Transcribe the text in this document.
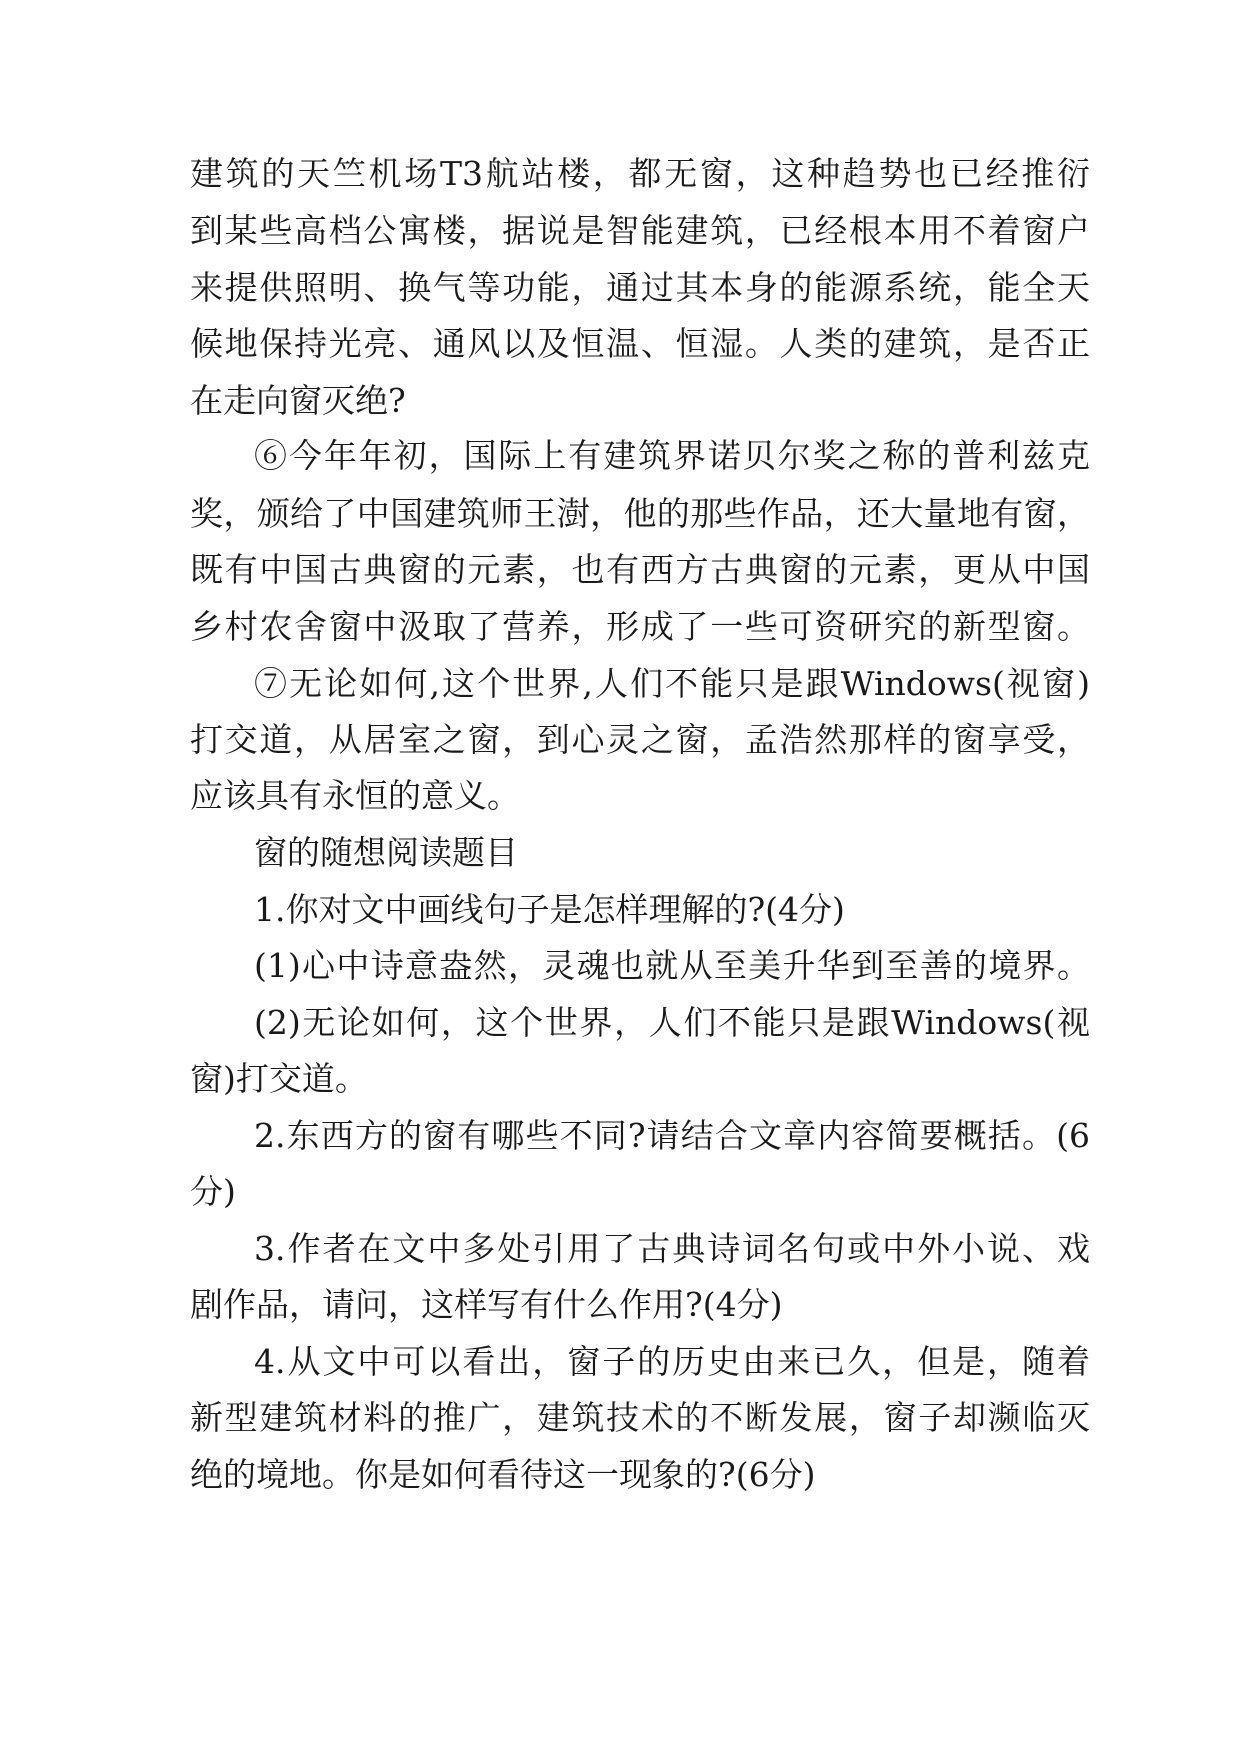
建筑的天竺机场T3航站楼，都无窗，这种趋势也已经推衍
到某些高档公寓楼，据说是智能建筑，已经根本用不着窗户
来提供照明、换气等功能，通过其本身的能源系统，能全天
候地保持光亮、通风以及恒温、恒湿。人类的建筑，是否正
在走向窗灭绝?
⑥今年年初，国际上有建筑界诺贝尔奖之称的普利兹克
奖，颁给了中国建筑师王澍，他的那些作品，还大量地有窗，
既有中国古典窗的元素，也有西方古典窗的元素，更从中国
乡村农舍窗中汲取了营养，形成了一些可资研究的新型窗。
⑦无论如何,这个世界,人们不能只是跟Windows(视窗)
打交道，从居室之窗，到心灵之窗，孟浩然那样的窗享受，
应该具有永恒的意义。
窗的随想阅读题目
1.你对文中画线句子是怎样理解的?(4分)
(1)心中诗意盎然，灵魂也就从至美升华到至善的境界。
(2)无论如何，这个世界，人们不能只是跟Windows(视
窗)打交道。
2.东西方的窗有哪些不同?请结合文章内容简要概括。(6
分)
3.作者在文中多处引用了古典诗词名句或中外小说、戏
剧作品，请问，这样写有什么作用?(4分)
4.从文中可以看出，窗子的历史由来已久，但是，随着
新型建筑材料的推广，建筑技术的不断发展，窗子却濒临灭
绝的境地。你是如何看待这一现象的?(6分)
